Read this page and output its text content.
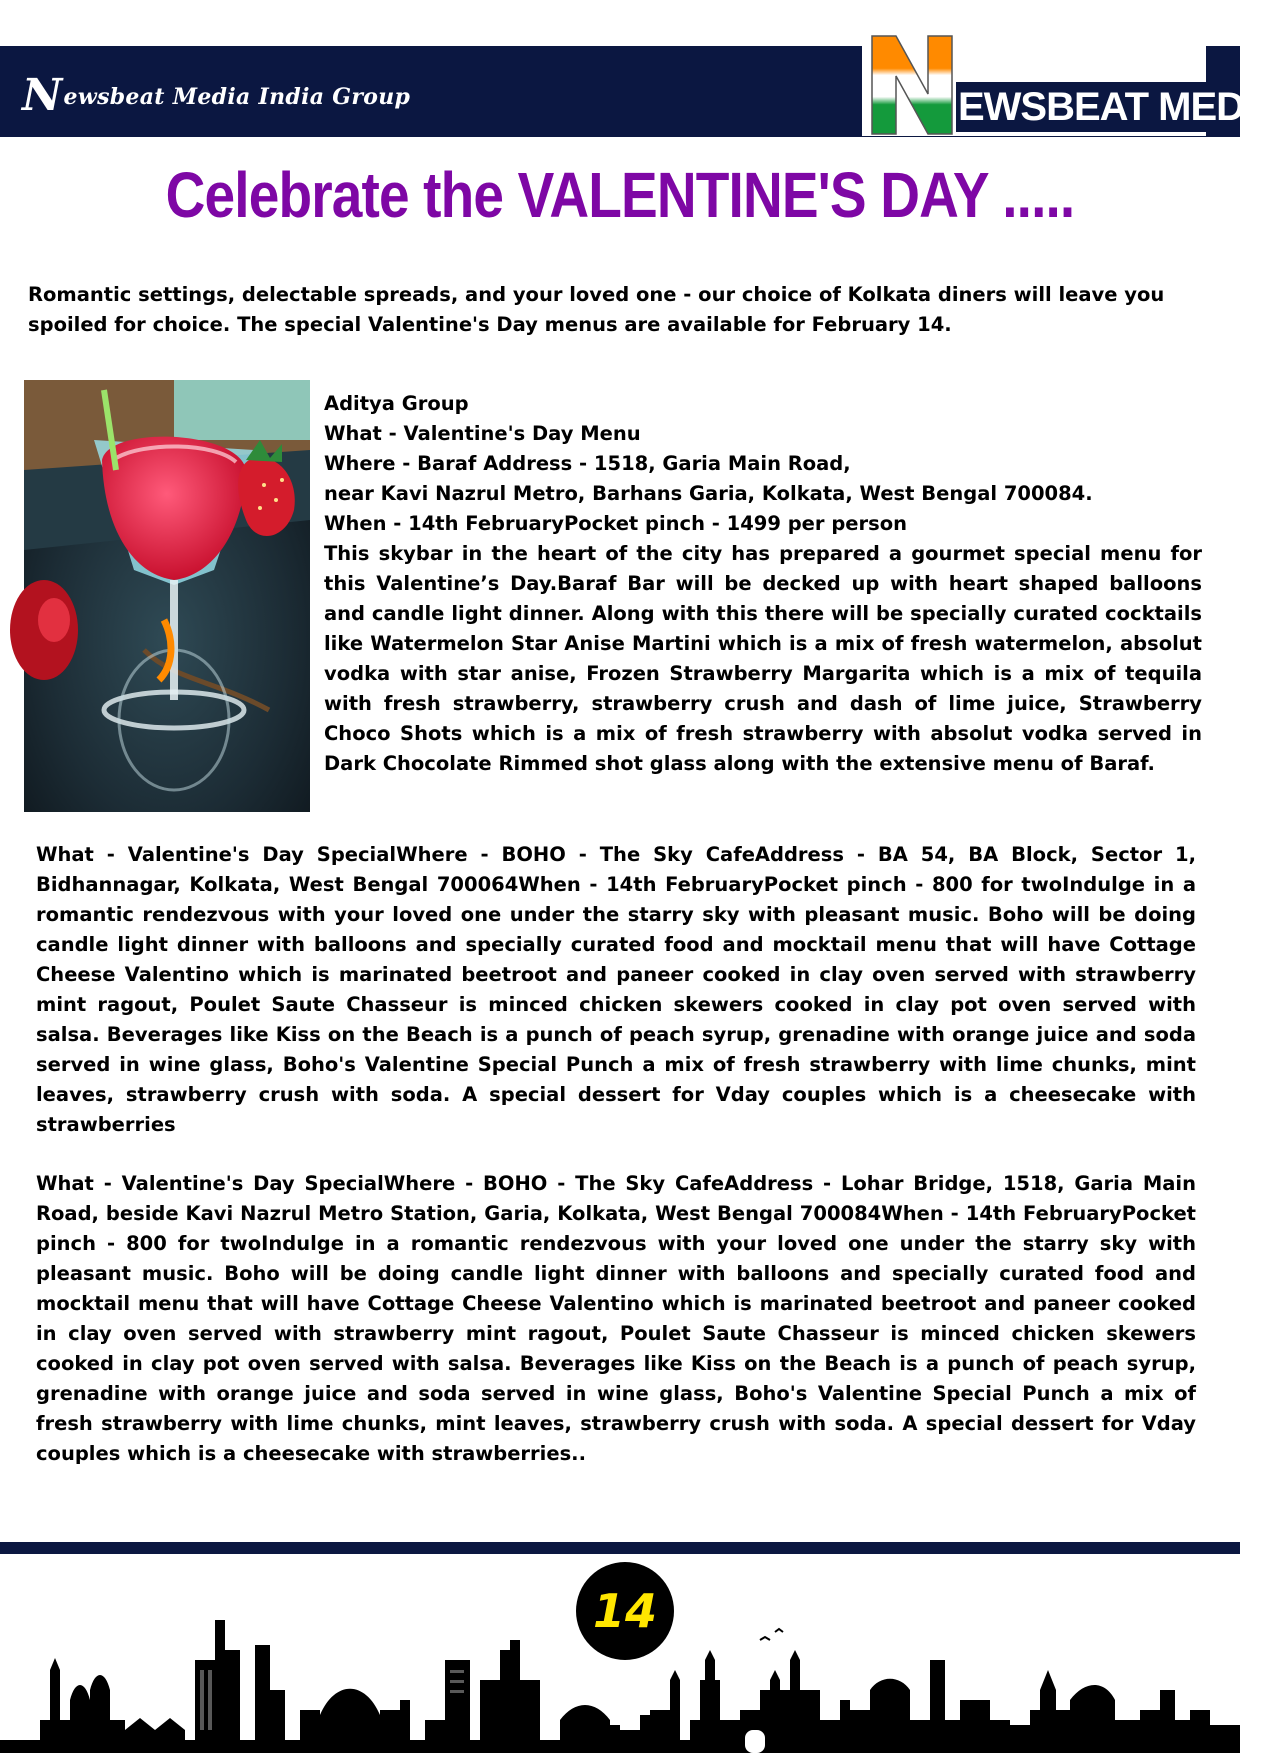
Newsbeat Media India Group	EWSBEAT MEDIA
Celebrate the VALENTINE'S DAY .....
Romantic settings, delectable spreads, and your loved one - our choice of Kolkata diners will leave you spoiled for choice. The special Valentine's Day menus are available for February 14.
Aditya Group
What - Valentine's Day Menu
Where - Baraf Address - 1518, Garia Main Road,
near Kavi Nazrul Metro, Barhans Garia, Kolkata, West Bengal 700084.
When - 14th FebruaryPocket pinch - 1499 per person
This skybar in the heart of the city has prepared a gourmet special menu for this Valentine’s Day.Baraf Bar will be decked up with heart shaped balloons and candle light dinner. Along with this there will be specially curated cocktails like Watermelon Star Anise Martini which is a mix of fresh watermelon, absolut vodka with star anise, Frozen Strawberry Margarita which is a mix of tequila with fresh strawberry, strawberry crush and dash of lime juice, Strawberry Choco Shots which is a mix of fresh strawberry with absolut vodka served in Dark Chocolate Rimmed shot glass along with the extensive menu of Baraf.
What - Valentine's Day SpecialWhere - BOHO - The Sky CafeAddress - BA 54, BA Block, Sector 1, Bidhannagar, Kolkata, West Bengal 700064When - 14th FebruaryPocket pinch - 800 for twoIndulge in a romantic rendezvous with your loved one under the starry sky with pleasant music. Boho will be doing candle light dinner with balloons and specially curated food and mocktail menu that will have Cottage Cheese Valentino which is marinated beetroot and paneer cooked in clay oven served with strawberry mint ragout, Poulet Saute Chasseur is minced chicken skewers cooked in clay pot oven served with salsa. Beverages like Kiss on the Beach is a punch of peach syrup, grenadine with orange juice and soda served in wine glass, Boho's Valentine Special Punch a mix of fresh strawberry with lime chunks, mint leaves, strawberry crush with soda. A special dessert for Vday couples which is a cheesecake with strawberries
What - Valentine's Day SpecialWhere - BOHO - The Sky CafeAddress - Lohar Bridge, 1518, Garia Main Road, beside Kavi Nazrul Metro Station, Garia, Kolkata, West Bengal 700084When - 14th FebruaryPocket pinch - 800 for twoIndulge in a romantic rendezvous with your loved one under the starry sky with pleasant music. Boho will be doing candle light dinner with balloons and specially curated food and mocktail menu that will have Cottage Cheese Valentino which is marinated beetroot and paneer cooked in clay oven served with strawberry mint ragout, Poulet Saute Chasseur is minced chicken skewers cooked in clay pot oven served with salsa. Beverages like Kiss on the Beach is a punch of peach syrup, grenadine with orange juice and soda served in wine glass, Boho's Valentine Special Punch a mix of fresh strawberry with lime chunks, mint leaves, strawberry crush with soda. A special dessert for Vday couples which is a cheesecake with strawberries..
14
